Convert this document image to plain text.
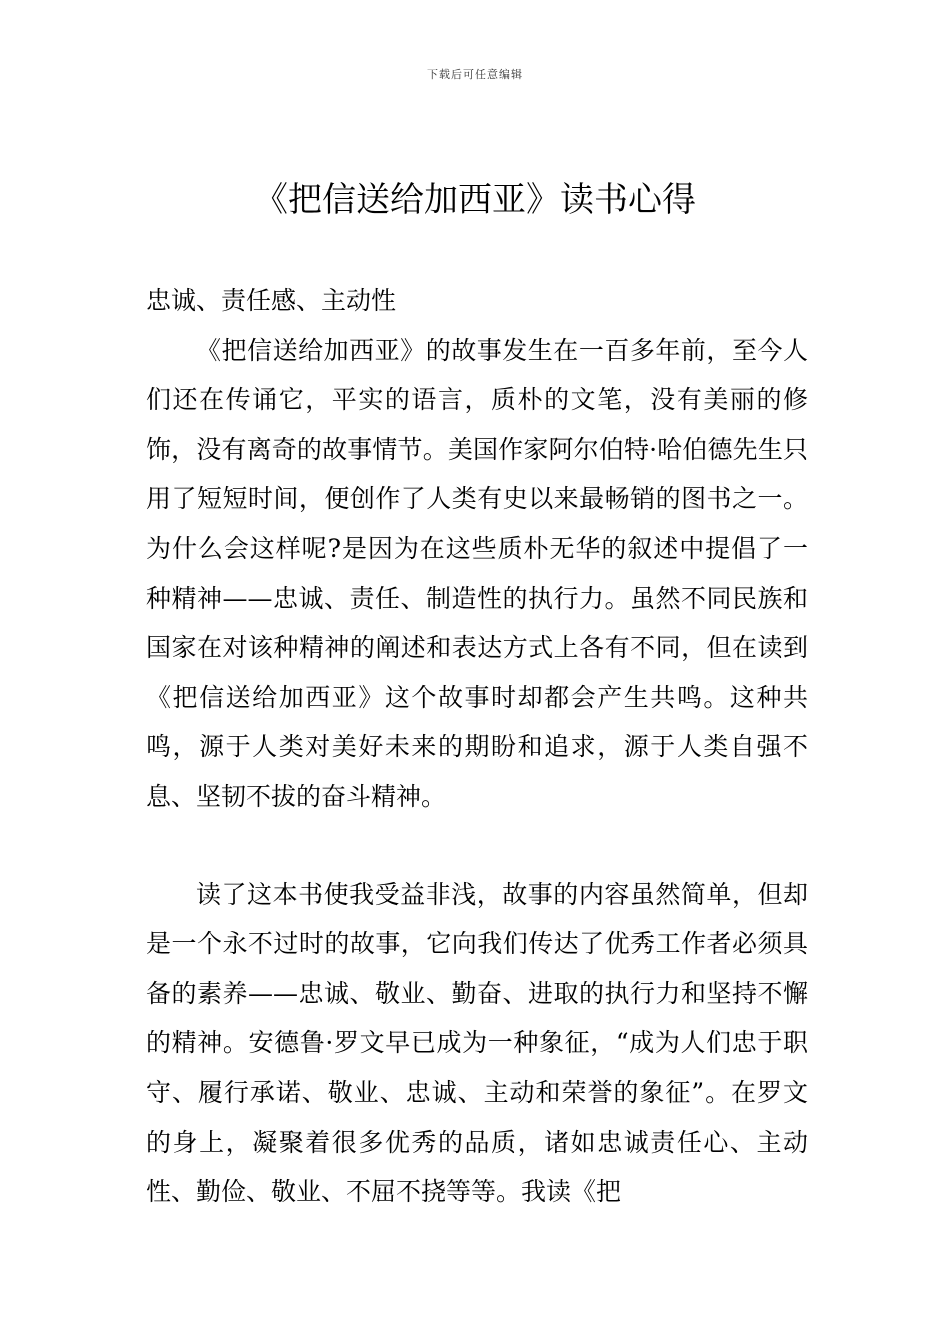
下载后可任意编辑
《把信送给加西亚》读书心得

忠诚、责任感、主动性

《把信送给加西亚》的故事发生在一百多年前，至今人们还在传诵它，平实的语言，质朴的文笔，没有美丽的修饰，没有离奇的故事情节。美国作家阿尔伯特·哈伯德先生只用了短短时间，便创作了人类有史以来最畅销的图书之一。为什么会这样呢?是因为在这些质朴无华的叙述中提倡了一种精神——忠诚、责任、制造性的执行力。虽然不同民族和国家在对该种精神的阐述和表达方式上各有不同，但在读到《把信送给加西亚》这个故事时却都会产生共鸣。这种共鸣，源于人类对美好未来的期盼和追求，源于人类自强不息、坚韧不拔的奋斗精神。

读了这本书使我受益非浅，故事的内容虽然简单，但却是一个永不过时的故事，它向我们传达了优秀工作者必须具备的素养——忠诚、敬业、勤奋、进取的执行力和坚持不懈的精神。安德鲁·罗文早已成为一种象征，“成为人们忠于职守、履行承诺、敬业、忠诚、主动和荣誉的象征”。在罗文的身上，凝聚着很多优秀的品质，诸如忠诚责任心、主动性、勤俭、敬业、不屈不挠等等。我读《把
